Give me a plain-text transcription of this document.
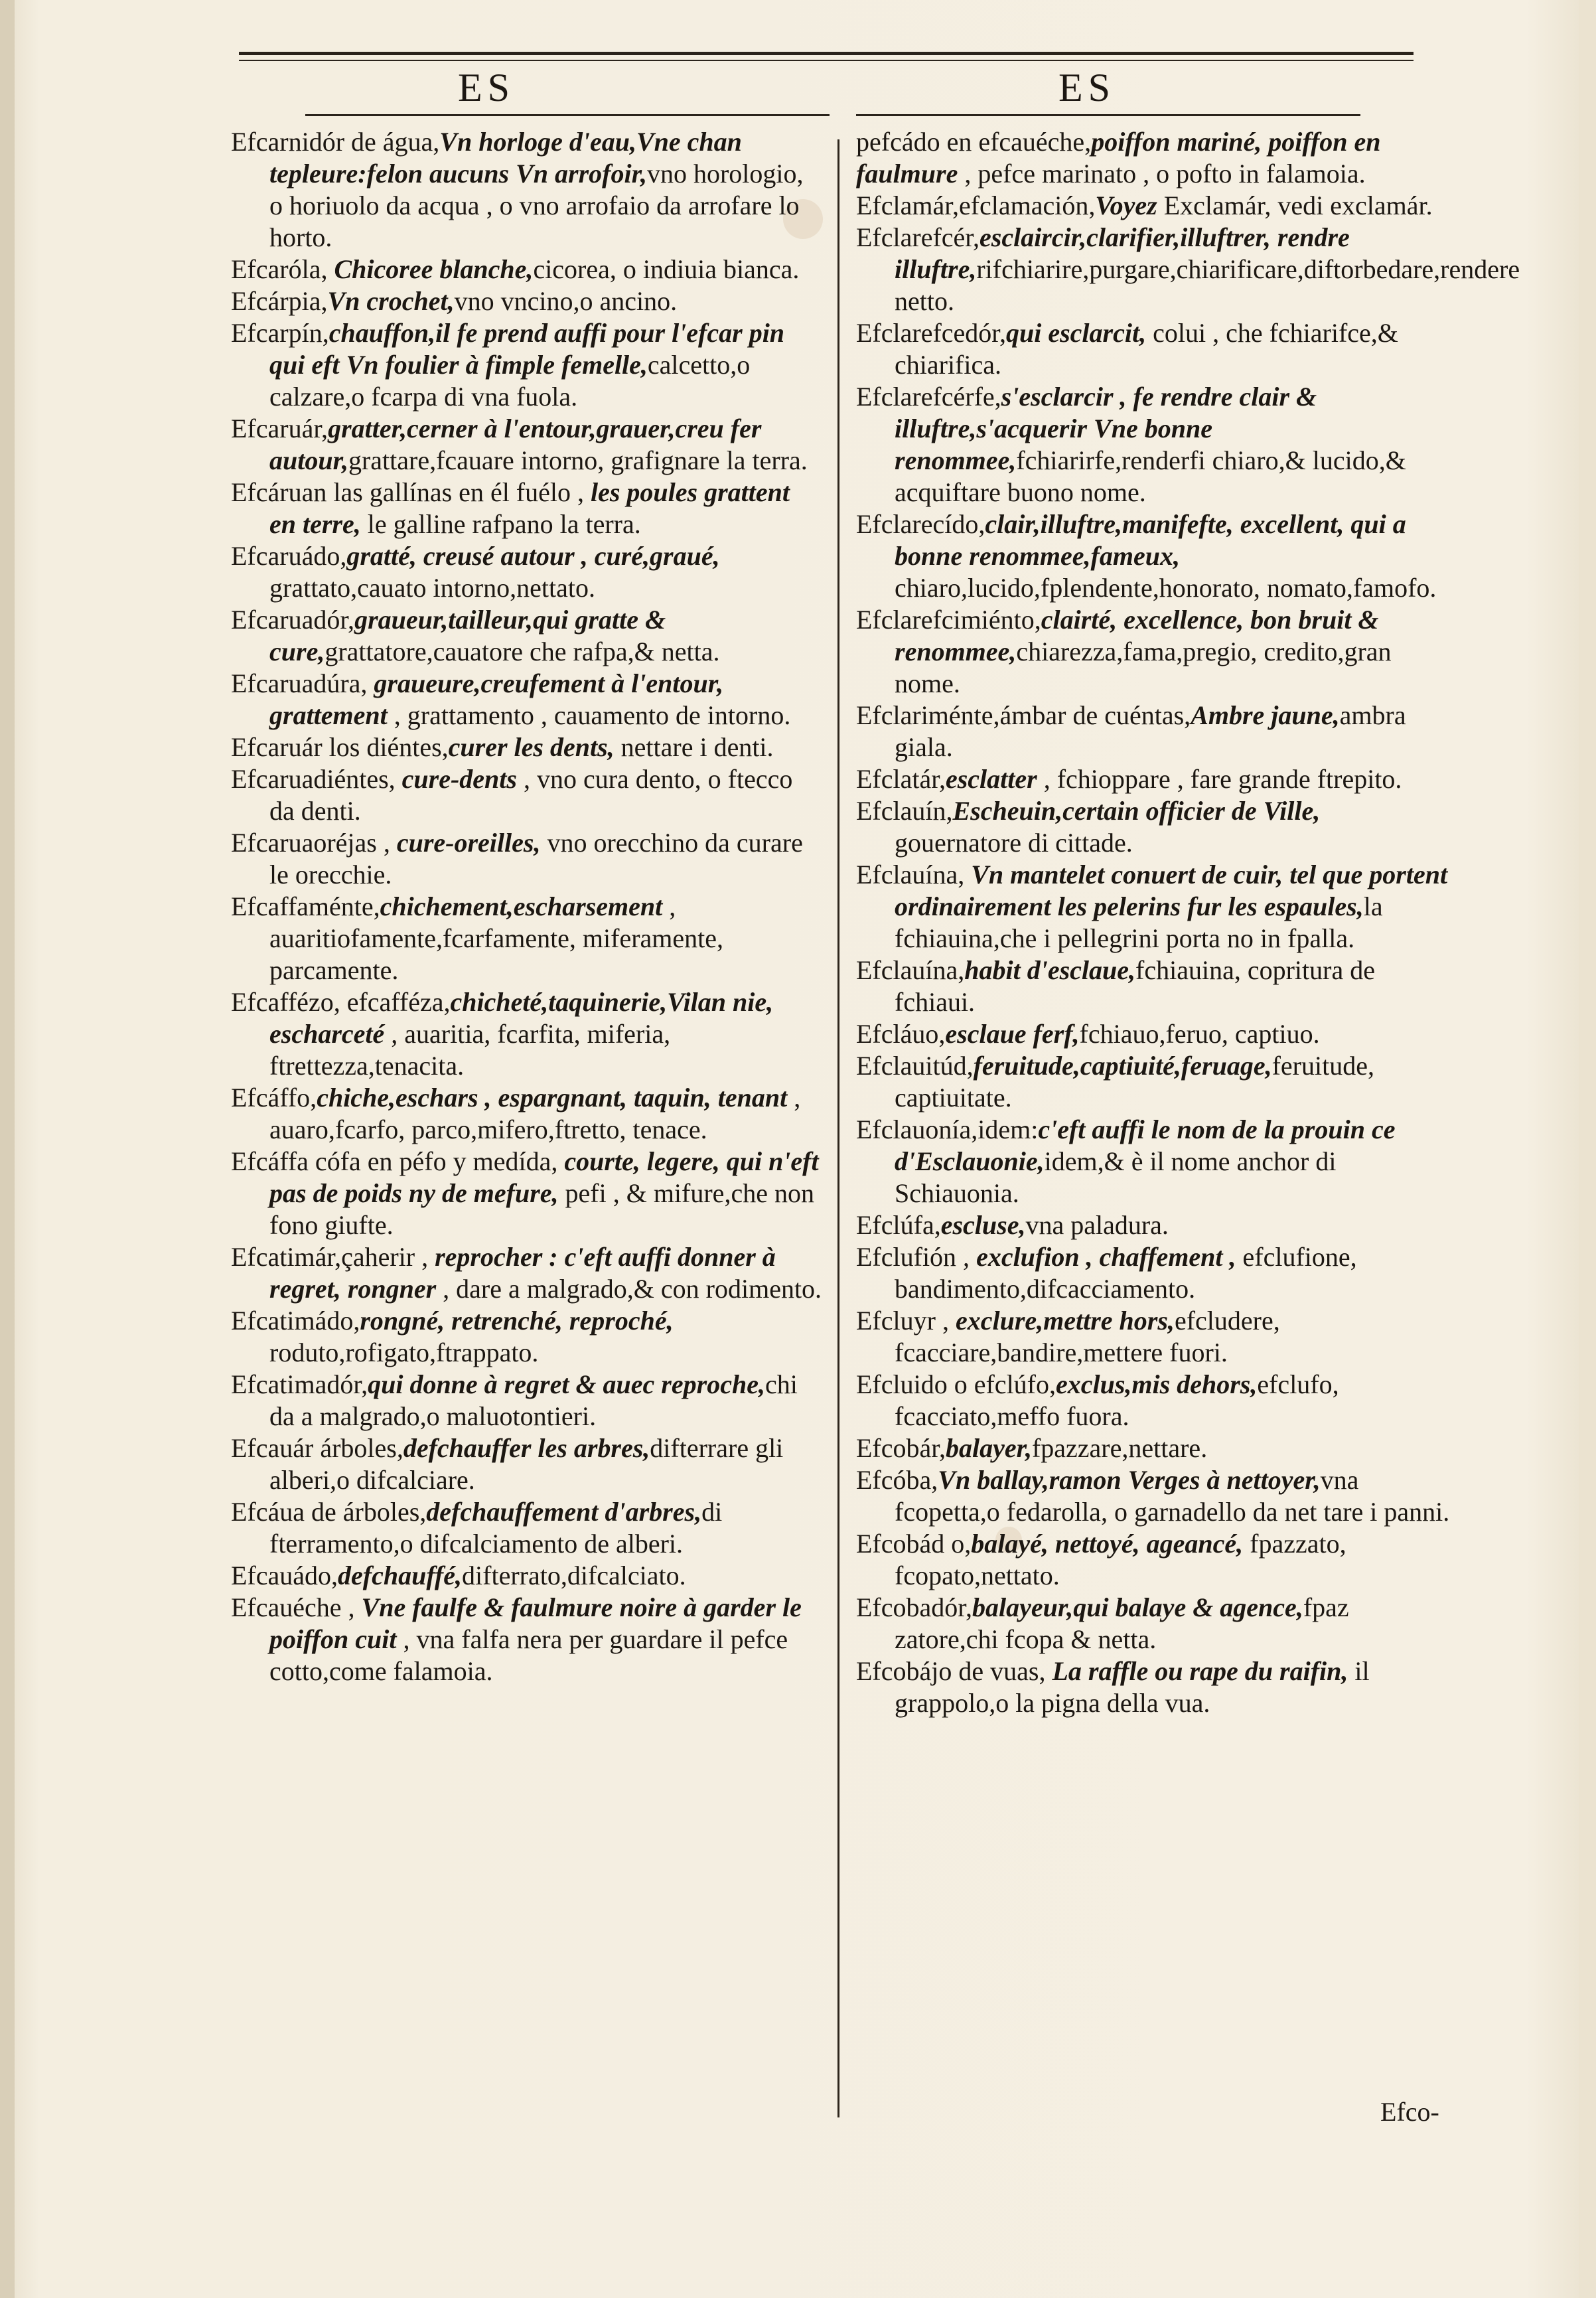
ES	ES

Efcarnidór de água,Vn horloge d'eau,Vne chan tepleure:felon aucuns Vn arrofoir,vno horologio, o horiuolo da acqua , o vno arrofaio da arrofare lo horto.

Efcaróla, Chicoree blanche,cicorea, o indiuia bianca.

Efcárpia,Vn crochet,vno vncino,o ancino.

Efcarpín,chauffon,il fe prend auffi pour l'efcar pin qui eft Vn foulier à fimple femelle,calcetto,o calzare,o fcarpa di vna fuola.

Efcaruár,gratter,cerner à l'entour,grauer,creu fer autour,grattare,fcauare intorno, grafignare la terra.

Efcáruan las gallínas en él fuélo , les poules grattent en terre, le galline rafpano la terra.

Efcaruádo,gratté, creusé autour , curé,graué, grattato,cauato intorno,nettato.

Efcaruadór,graueur,tailleur,qui gratte & cure,grattatore,cauatore che rafpa,& netta.

Efcaruadúra, graueure,creufement à l'entour, grattement , grattamento , cauamento de intorno.

Efcaruár los diéntes,curer les dents, nettare i denti.

Efcaruadiéntes, cure-dents , vno cura dento, o ftecco da denti.

Efcaruaoréjas , cure-oreilles, vno orecchino da curare le orecchie.

Efcaffaménte,chichement,escharsement , auaritiofamente,fcarfamente, miferamente, parcamente.

Efcaffézo, efcafféza,chicheté,taquinerie,Vilan nie, escharceté , auaritia, fcarfita, miferia, ftrettezza,tenacita.

Efcáffo,chiche,eschars , espargnant, taquin, tenant , auaro,fcarfo, parco,mifero,ftretto, tenace.

Efcáffa cófa en péfo y medída, courte, legere, qui n'eft pas de poids ny de mefure, pefi , & mifure,che non fono giufte.

Efcatimár,çaherir , reprocher : c'eft auffi donner à regret, rongner , dare a malgrado,& con rodimento.

Efcatimádo,rongné, retrenché, reproché, roduto,rofigato,ftrappato.

Efcatimadór,qui donne à regret & auec reproche,chi da a malgrado,o maluotontieri.

Efcauár árboles,defchauffer les arbres,difterrare gli alberi,o difcalciare.

Efcáua de árboles,defchauffement d'arbres,di fterramento,o difcalciamento de alberi.

Efcauádo,defchauffé,difterrato,difcalciato.

Efcauéche , Vne faulfe & faulmure noire à garder le poiffon cuit , vna falfa nera per guardare il pefce cotto,come falamoia.

pefcádo en efcauéche,poiffon mariné, poiffon en faulmure , pefce marinato , o pofto in falamoia.

Efclamár,efclamación,Voyez Exclamár, vedi exclamár.

Efclarefcér,esclaircir,clarifier,illuftrer, rendre illuftre,rifchiarire,purgare,chiarificare,diftorbedare,rendere netto.

Efclarefcedór,qui esclarcit, colui , che fchiarifce,& chiarifica.

Efclarefcérfe,s'esclarcir , fe rendre clair & illuftre,s'acquerir Vne bonne renommee,fchiarirfe,renderfi chiaro,& lucido,& acquiftare buono nome.

Efclarecído,clair,illuftre,manifefte, excellent, qui a bonne renommee,fameux, chiaro,lucido,fplendente,honorato, nomato,famofo.

Efclarefcimiénto,clairté, excellence, bon bruit & renommee,chiarezza,fama,pregio, credito,gran nome.

Efclariménte,ámbar de cuéntas,Ambre jaune,ambra giala.

Efclatár,esclatter , fchioppare , fare grande ftrepito.

Efclauín,Escheuin,certain officier de Ville, gouernatore di cittade.

Efclauína, Vn mantelet conuert de cuir, tel que portent ordinairement les pelerins fur les espaules,la fchiauina,che i pellegrini porta no in fpalla.

Efclauína,habit d'esclaue,fchiauina, copritura de fchiaui.

Efcláuo,esclaue ferf,fchiauo,feruo, captiuo.

Efclauitúd,feruitude,captiuité,feruage,feruitude, captiuitate.

Efclauonía,idem:c'eft auffi le nom de la prouin ce d'Esclauonie,idem,& è il nome anchor di Schiauonia.

Efclúfa,escluse,vna paladura.

Efclufión , exclufion , chaffement , efclufione, bandimento,difcacciamento.

Efcluyr , exclure,mettre hors,efcludere, fcacciare,bandire,mettere fuori.

Efcluido o efclúfo,exclus,mis dehors,efclufo, fcacciato,meffo fuora.

Efcobár,balayer,fpazzare,nettare.

Efcóba,Vn ballay,ramon Verges à nettoyer,vna fcopetta,o fedarolla, o garnadello da net tare i panni.

Efcobád o,balayé, nettoyé, ageancé, fpazzato, fcopato,nettato.

Efcobadór,balayeur,qui balaye & agence,fpaz zatore,chi fcopa & netta.

Efcobájo de vuas, La raffle ou rape du raifin, il grappolo,o la pigna della vua.

Efco-
